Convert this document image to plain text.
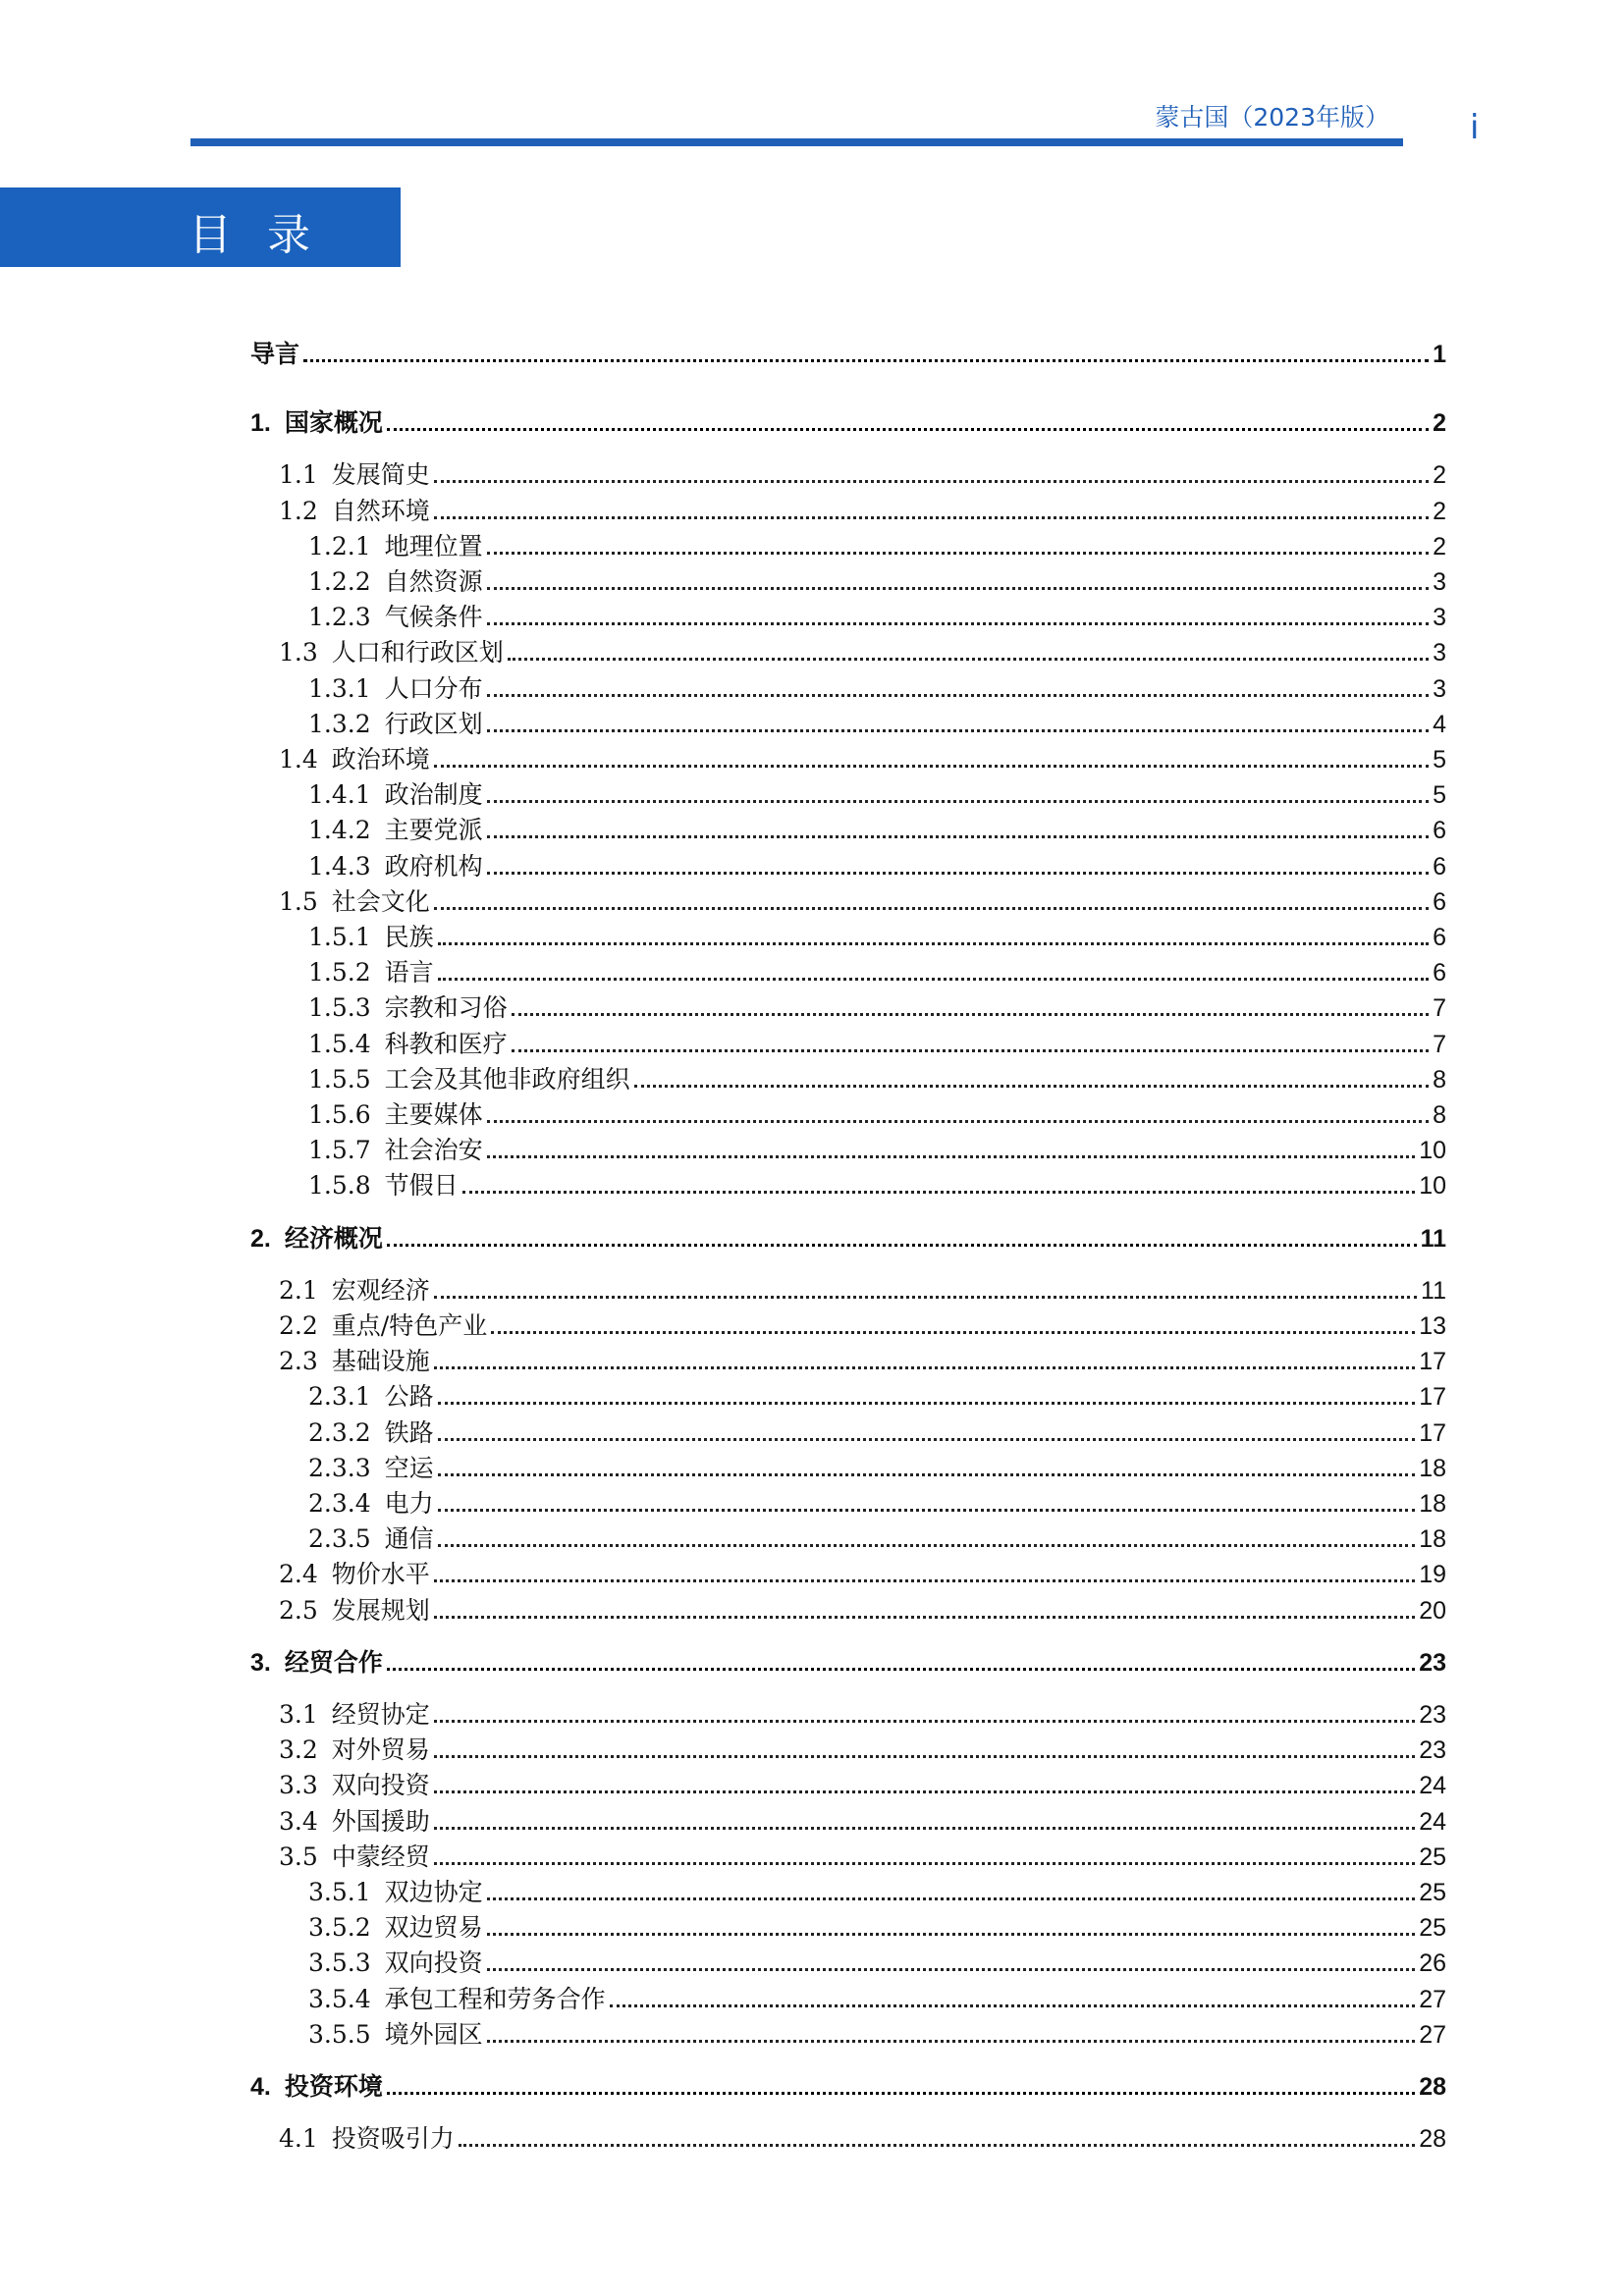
蒙古国（2023年版） i
目录
导言	1
1. 国家概况	2
1.1 发展简史	2
1.2 自然环境	2
1.2.1 地理位置	2
1.2.2 自然资源	3
1.2.3 气候条件	3
1.3 人口和行政区划	3
1.3.1 人口分布	3
1.3.2 行政区划	4
1.4 政治环境	5
1.4.1 政治制度	5
1.4.2 主要党派	6
1.4.3 政府机构	6
1.5 社会文化	6
1.5.1 民族	6
1.5.2 语言	6
1.5.3 宗教和习俗	7
1.5.4 科教和医疗	7
1.5.5 工会及其他非政府组织	8
1.5.6 主要媒体	8
1.5.7 社会治安	10
1.5.8 节假日	10
2. 经济概况	11
2.1 宏观经济	11
2.2 重点/特色产业	13
2.3 基础设施	17
2.3.1 公路	17
2.3.2 铁路	17
2.3.3 空运	18
2.3.4 电力	18
2.3.5 通信	18
2.4 物价水平	19
2.5 发展规划	20
3. 经贸合作	23
3.1 经贸协定	23
3.2 对外贸易	23
3.3 双向投资	24
3.4 外国援助	24
3.5 中蒙经贸	25
3.5.1 双边协定	25
3.5.2 双边贸易	25
3.5.3 双向投资	26
3.5.4 承包工程和劳务合作	27
3.5.5 境外园区	27
4. 投资环境	28
4.1 投资吸引力	28
